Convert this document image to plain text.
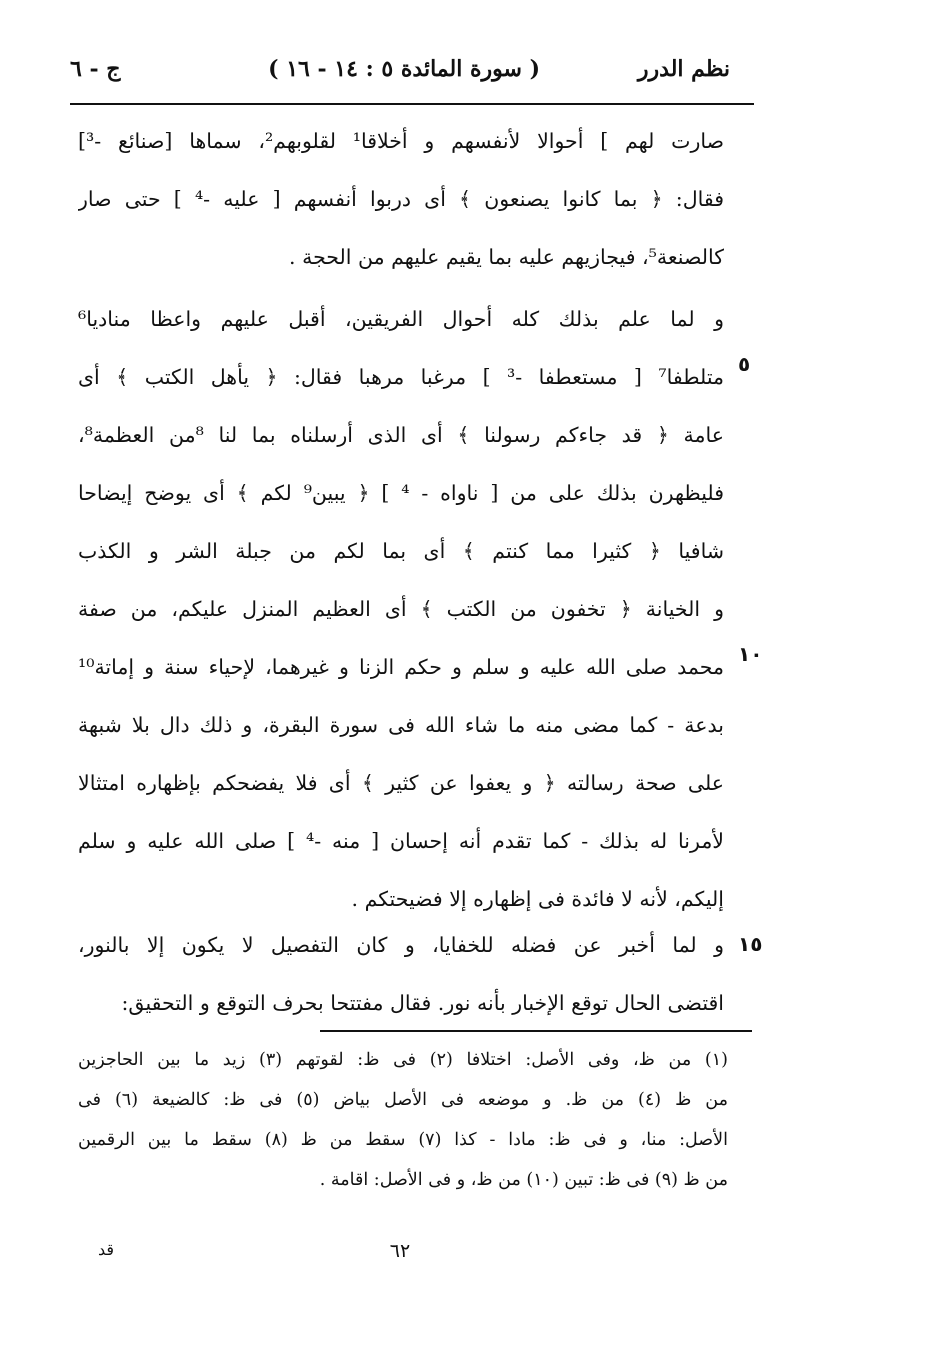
نظم الدرر
( سورة المائدة ٥ : ١٤ - ١٦ )
ج - ٦
صارت لهم ] أحوالا لأنفسهم و أخلاقا¹ لقلوبهم²، سماها [صنائع -³]
فقال: ﴿ بما كانوا يصنعون ﴾ أى دربوا أنفسهم [ عليه -⁴ ] حتى صار
كالصنعة⁵، فيجازيهم عليه بما يقيم عليهم من الحجة .
و لما علم بذلك كله أحوال الفريقين، أقبل عليهم واعظا مناديا⁶
متلطفا⁷ [ مستعطفا -³ ] مرغبا مرهبا فقال: ﴿ يأهل الكتب ﴾ أى
عامة ﴿ قد جاءكم رسولنا ﴾ أى الذى أرسلناه بما لنا ⁸من العظمة⁸،
فليظهرن بذلك على من [ ناواه - ⁴ ] ﴿ يبين⁹ لكم ﴾ أى يوضح إيضاحا
شافيا ﴿ كثيرا مما كنتم ﴾ أى بما لكم من جبلة الشر و الكذب
و الخيانة ﴿ تخفون من الكتب ﴾ أى العظيم المنزل عليكم، من صفة
محمد صلى الله عليه و سلم و حكم الزنا و غيرهما، لإحياء سنة و إماتة¹⁰
بدعة - كما مضى منه ما شاء الله فى سورة البقرة، و ذلك دال بلا شبهة
على صحة رسالته ﴿ و يعفوا عن كثير ﴾ أى فلا يفضحكم بإظهاره امتثالا
لأمرنا له بذلك - كما تقدم أنه إحسان [ منه -⁴ ] صلى الله عليه و سلم
إليكم، لأنه لا فائدة فى إظهاره إلا فضيحتكم .
و لما أخبر عن فضله للخفايا، و كان التفصيل لا يكون إلا بالنور،
اقتضى الحال توقع الإخبار بأنه نور. فقال مفتتحا بحرف التوقع و التحقيق:
٥
١٠
١٥
(١) من ظ، وفى الأصل: اختلافا (٢) فى ظ: لقوتهم (٣) زيد ما بين الحاجزين
من ظ (٤) من ظ. و موضعه فى الأصل بياض (٥) فى ظ: كالضيعة (٦) فى
الأصل: منا، و فى ظ: مادا - كذا (٧) سقط من ظ (٨) سقط ما بين الرقمين
من ظ (٩) فى ظ: تبين (١٠) من ظ، و فى الأصل: اقامة .
٦٢
قد
